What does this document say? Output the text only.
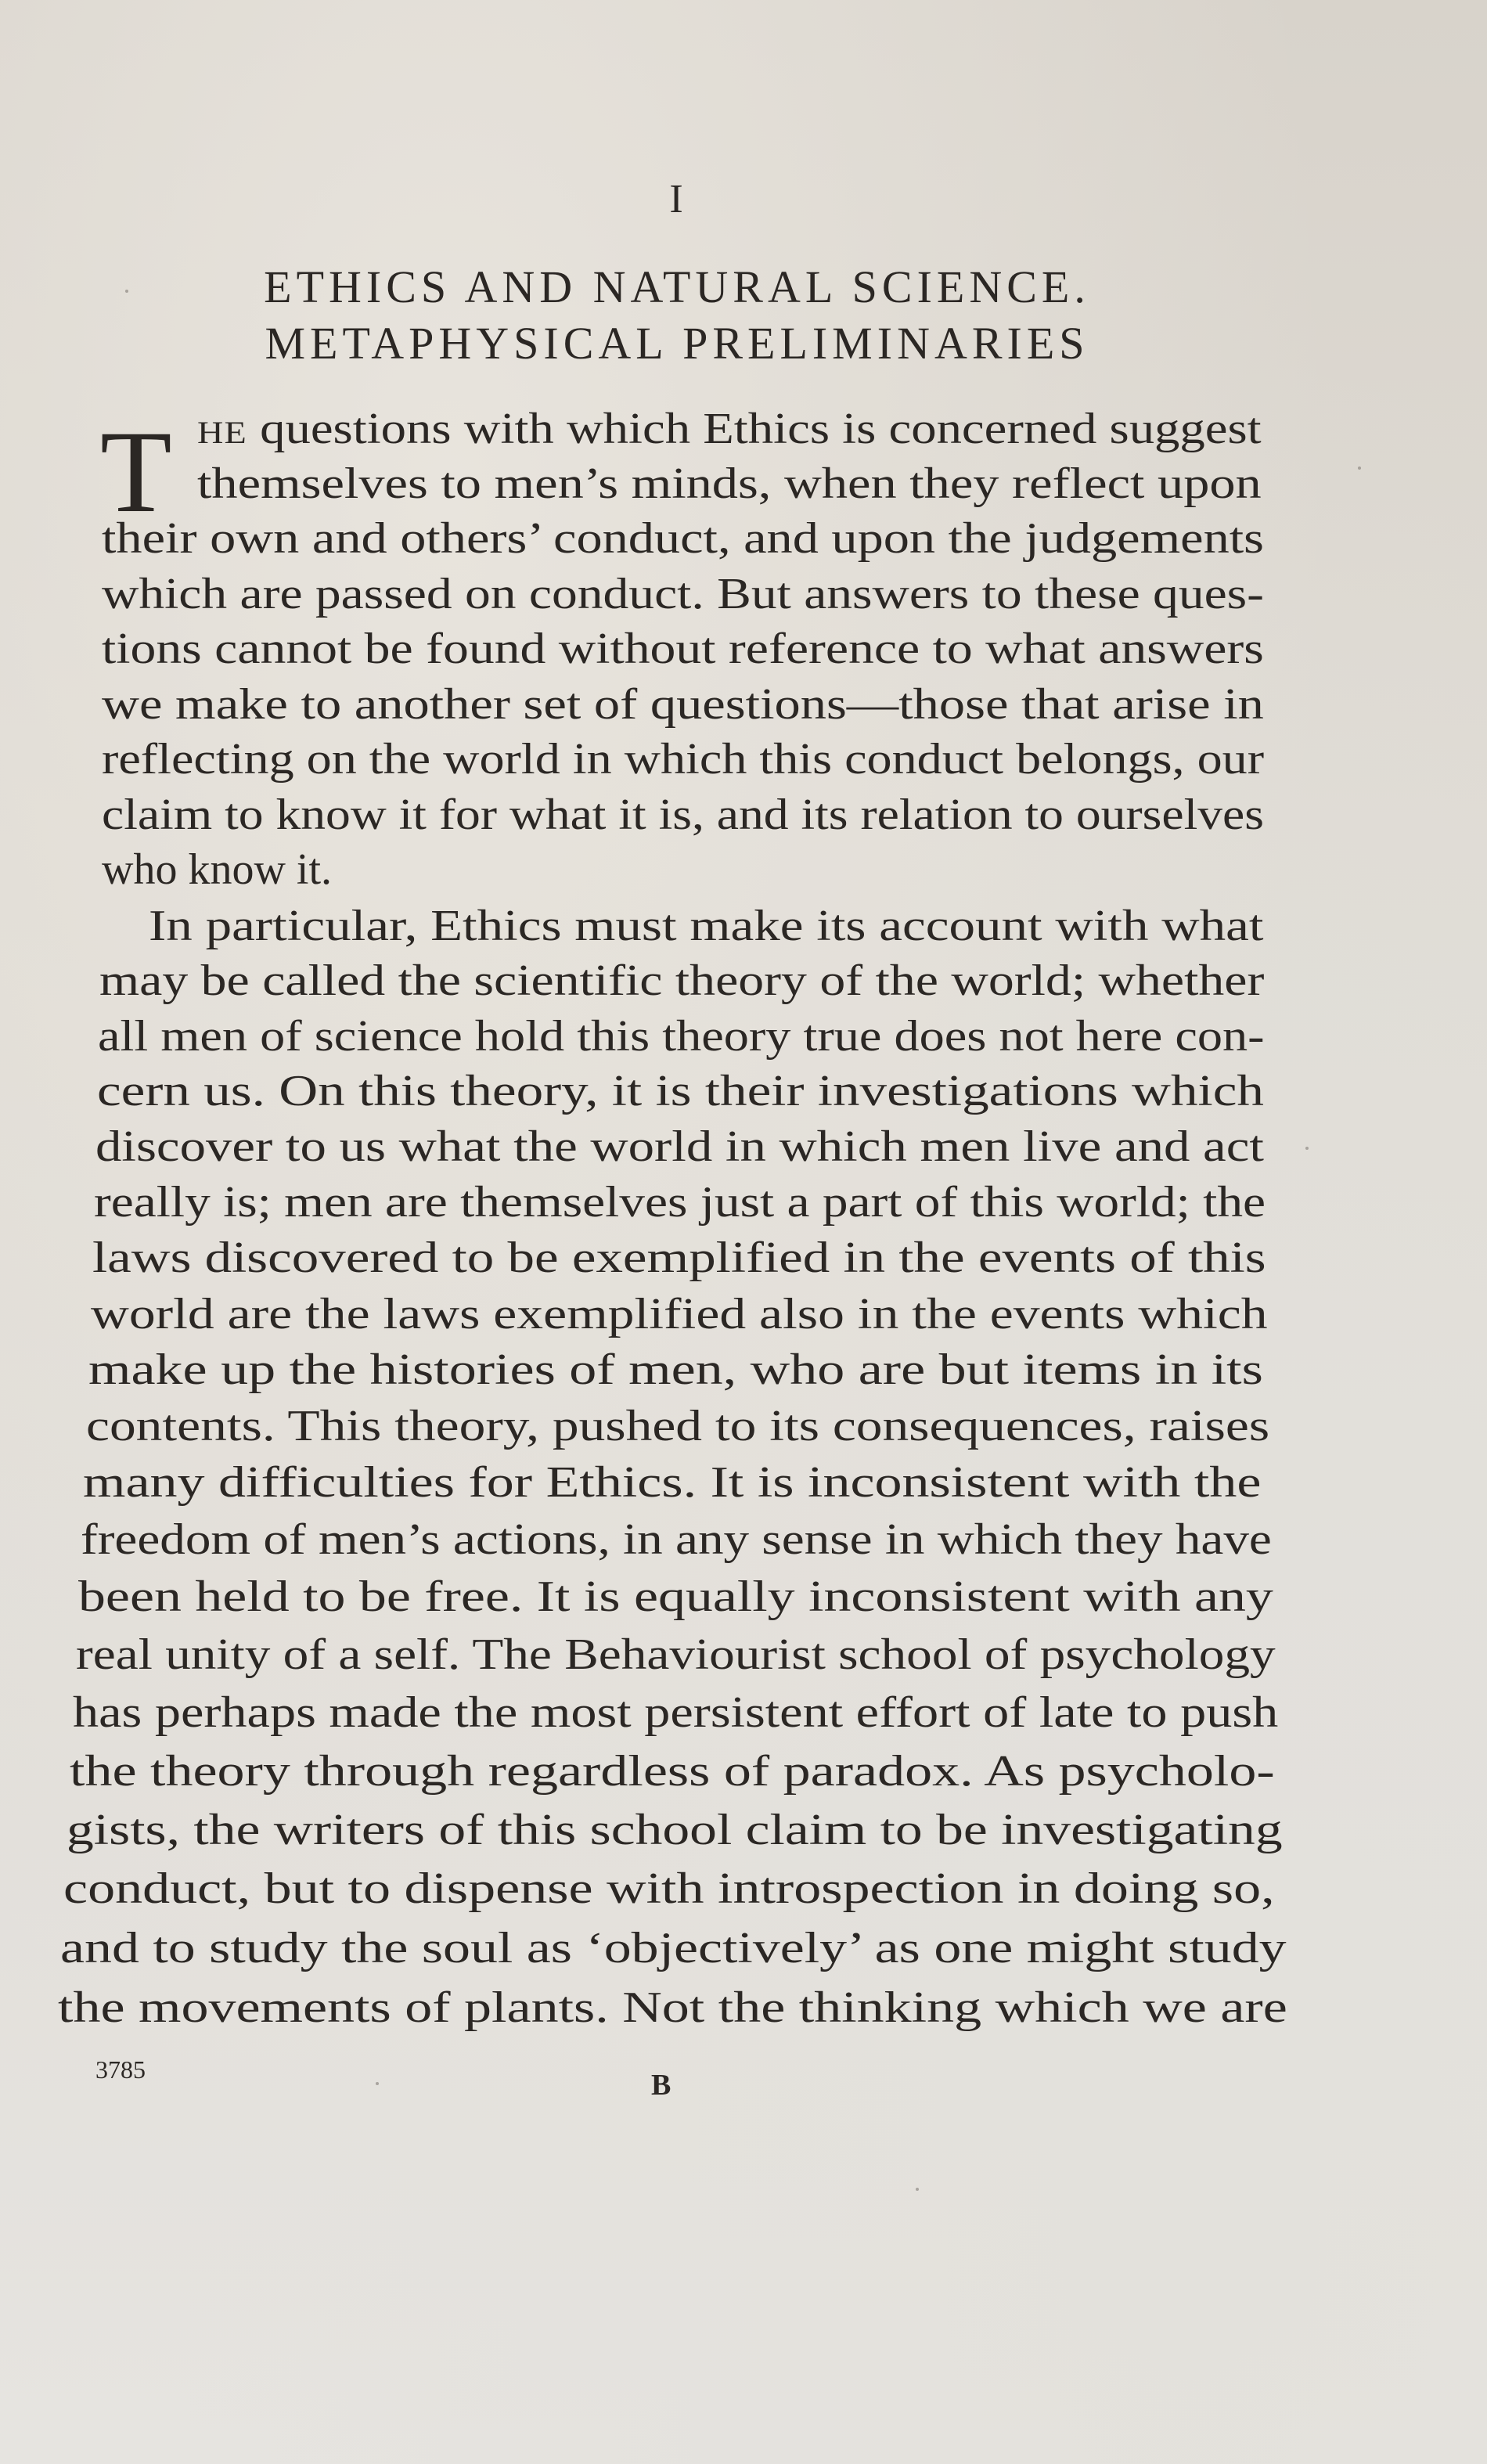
I
ETHICS AND NATURAL SCIENCE.
METAPHYSICAL PRELIMINARIES
T HE questions with which Ethics is concerned suggest
themselves to men’s minds, when they reflect upon
their own and others’ conduct, and upon the judgements
which are passed on conduct. But answers to these ques-
tions cannot be found without reference to what answers
we make to another set of questions—those that arise in
reflecting on the world in which this conduct belongs, our
claim to know it for what it is, and its relation to ourselves
who know it.
In particular, Ethics must make its account with what
may be called the scientific theory of the world; whether
all men of science hold this theory true does not here con-
cern us. On this theory, it is their investigations which
discover to us what the world in which men live and act
really is; men are themselves just a part of this world; the
laws discovered to be exemplified in the events of this
world are the laws exemplified also in the events which
make up the histories of men, who are but items in its
contents. This theory, pushed to its consequences, raises
many difficulties for Ethics. It is inconsistent with the
freedom of men’s actions, in any sense in which they have
been held to be free. It is equally inconsistent with any
real unity of a self. The Behaviourist school of psychology
has perhaps made the most persistent effort of late to push
the theory through regardless of paradox. As psycholo-
gists, the writers of this school claim to be investigating
conduct, but to dispense with introspection in doing so,
and to study the soul as ‘objectively’ as one might study
the movements of plants. Not the thinking which we are
3785	B
